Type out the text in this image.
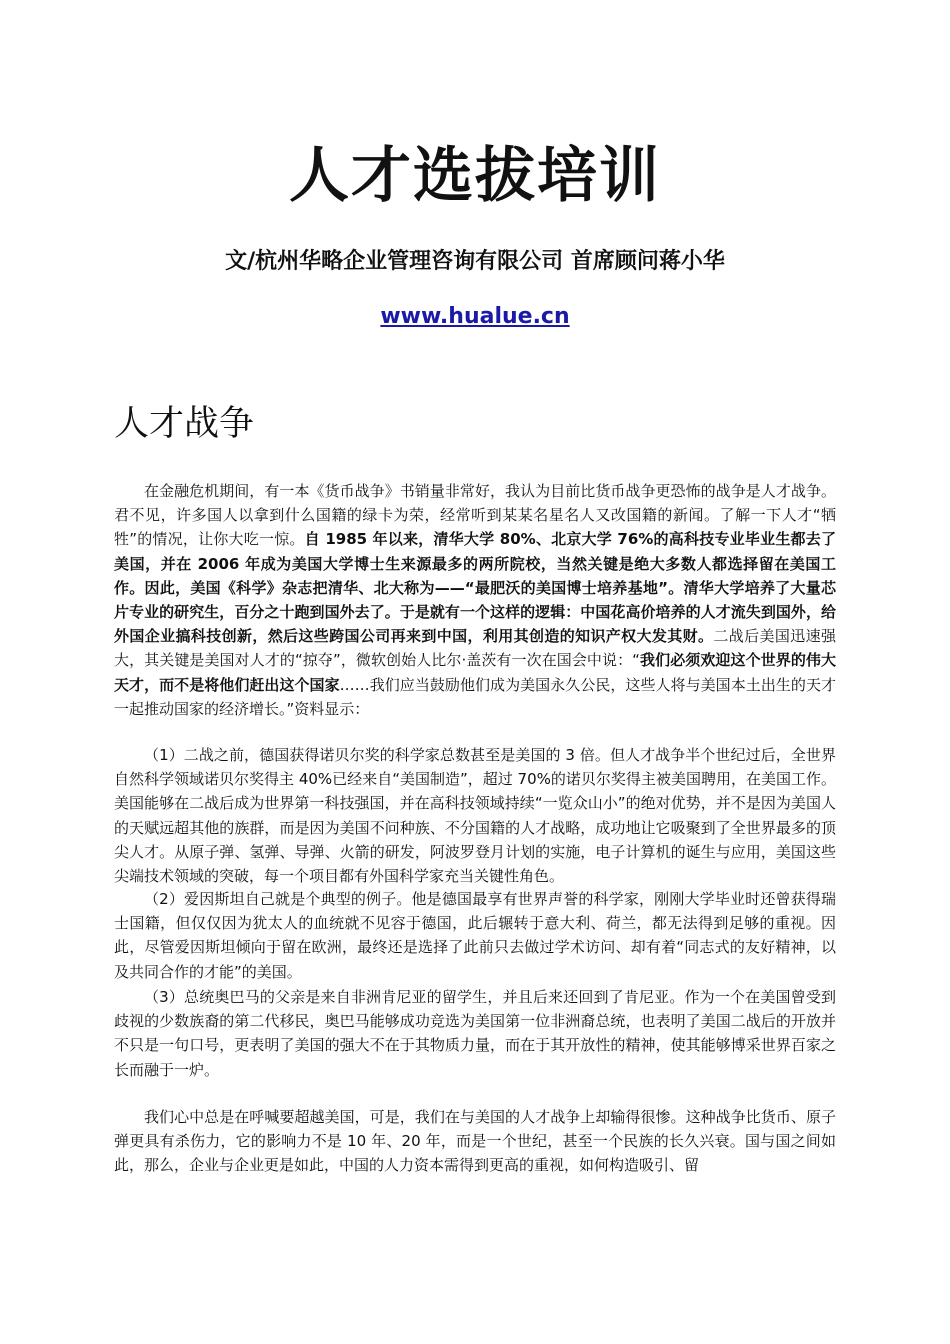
人才选拔培训

文/杭州华略企业管理咨询有限公司 首席顾问蒋小华

www.hualue.cn
人才战争

在金融危机期间，有一本《货币战争》书销量非常好，我认为目前比货币战争更恐怖的战争是人才战争。君不见，许多国人以拿到什么国籍的绿卡为荣，经常听到某某名星名人又改国籍的新闻。了解一下人才“牺牲”的情况，让你大吃一惊。自 1985 年以来，清华大学 80%、北京大学 76%的高科技专业毕业生都去了美国，并在 2006 年成为美国大学博士生来源最多的两所院校，当然关键是绝大多数人都选择留在美国工作。因此，美国《科学》杂志把清华、北大称为——“最肥沃的美国博士培养基地”。清华大学培养了大量芯片专业的研究生，百分之十跑到国外去了。于是就有一个这样的逻辑：中国花高价培养的人才流失到国外，给外国企业搞科技创新，然后这些跨国公司再来到中国，利用其创造的知识产权大发其财。二战后美国迅速强大，其关键是美国对人才的“掠夺”，微软创始人比尔·盖茨有一次在国会中说：“我们必须欢迎这个世界的伟大天才，而不是将他们赶出这个国家……我们应当鼓励他们成为美国永久公民，这些人将与美国本土出生的天才一起推动国家的经济增长。”资料显示：

（1）二战之前，德国获得诺贝尔奖的科学家总数甚至是美国的 3 倍。但人才战争半个世纪过后，全世界自然科学领域诺贝尔奖得主 40%已经来自“美国制造”，超过 70%的诺贝尔奖得主被美国聘用，在美国工作。美国能够在二战后成为世界第一科技强国，并在高科技领域持续“一览众山小”的绝对优势，并不是因为美国人的天赋远超其他的族群，而是因为美国不问种族、不分国籍的人才战略，成功地让它吸聚到了全世界最多的顶尖人才。从原子弹、氢弹、导弹、火箭的研发，阿波罗登月计划的实施，电子计算机的诞生与应用，美国这些尖端技术领域的突破，每一个项目都有外国科学家充当关键性角色。

（2）爱因斯坦自己就是个典型的例子。他是德国最享有世界声誉的科学家，刚刚大学毕业时还曾获得瑞士国籍，但仅仅因为犹太人的血统就不见容于德国，此后辗转于意大利、荷兰，都无法得到足够的重视。因此，尽管爱因斯坦倾向于留在欧洲，最终还是选择了此前只去做过学术访问、却有着“同志式的友好精神，以及共同合作的才能”的美国。

（3）总统奥巴马的父亲是来自非洲肯尼亚的留学生，并且后来还回到了肯尼亚。作为一个在美国曾受到歧视的少数族裔的第二代移民，奥巴马能够成功竞选为美国第一位非洲裔总统，也表明了美国二战后的开放并不只是一句口号，更表明了美国的强大不在于其物质力量，而在于其开放性的精神，使其能够博采世界百家之长而融于一炉。

我们心中总是在呼喊要超越美国，可是，我们在与美国的人才战争上却输得很惨。这种战争比货币、原子弹更具有杀伤力，它的影响力不是 10 年、20 年，而是一个世纪，甚至一个民族的长久兴衰。国与国之间如此，那么，企业与企业更是如此，中国的人力资本需得到更高的重视，如何构造吸引、留
